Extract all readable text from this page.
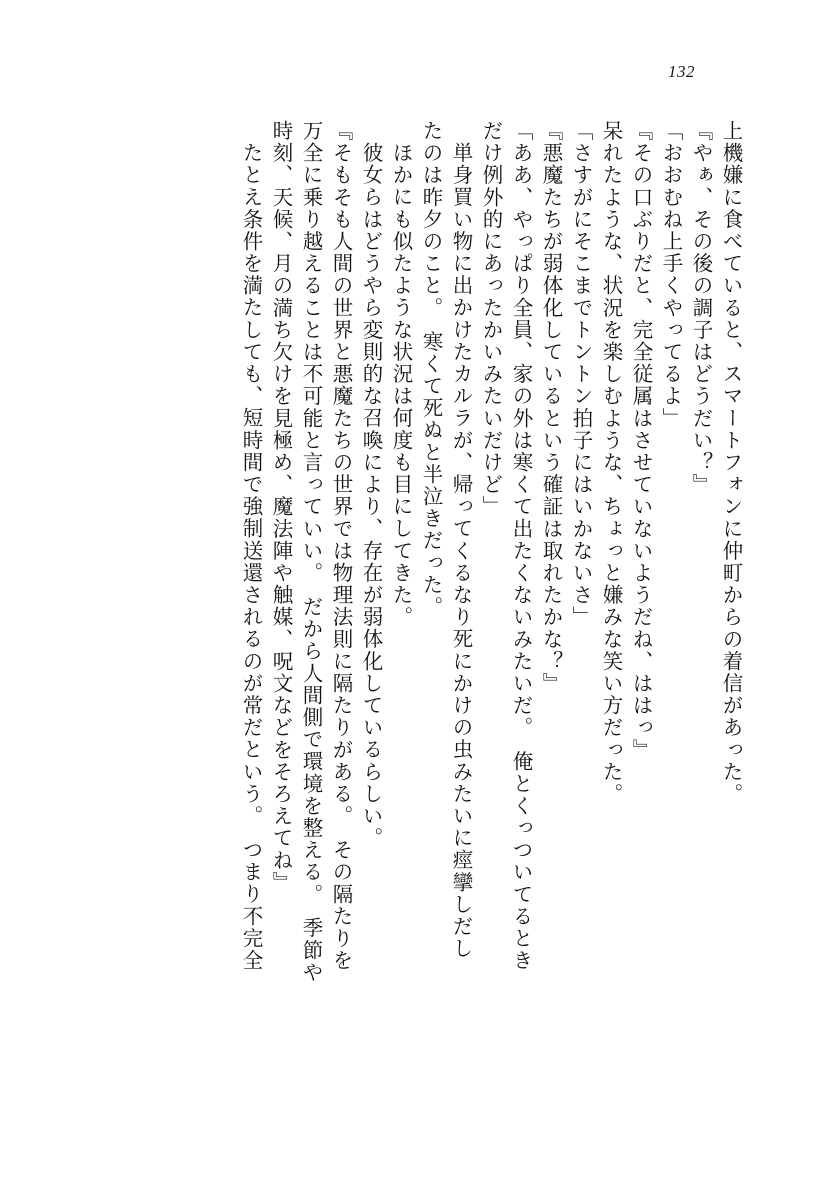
132
上機嫌に食べていると、スマートフォンに仲町からの着信があった。
『やぁ、その後の調子はどうだい？』
「おおむね上手くやってるよ」
『その口ぶりだと、完全従属はさせていないようだね、ははっ』
呆れたような、状況を楽しむような、ちょっと嫌みな笑い方だった。
「さすがにそこまでトントン拍子にはいかないさ」
『悪魔たちが弱体化しているという確証は取れたかな？』
「ああ、やっぱり全員、家の外は寒くて出たくないみたいだ。　俺とくっついてるとき
だけ例外的にあったかいみたいだけど」
単身買い物に出かけたカルラが、帰ってくるなり死にかけの虫みたいに痙攣しだし
たのは昨夕のこと。　寒くて死ぬと半泣きだった。
ほかにも似たような状況は何度も目にしてきた。
彼女らはどうやら変則的な召喚により、存在が弱体化しているらしい。
『そもそも人間の世界と悪魔たちの世界では物理法則に隔たりがある。　その隔たりを
万全に乗り越えることは不可能と言っていい。　だから人間側で環境を整える。　季節や
時刻、天候、月の満ち欠けを見極め、魔法陣や触媒、呪文などをそろえてね』
たとえ条件を満たしても、短時間で強制送還されるのが常だという。　つまり不完全
